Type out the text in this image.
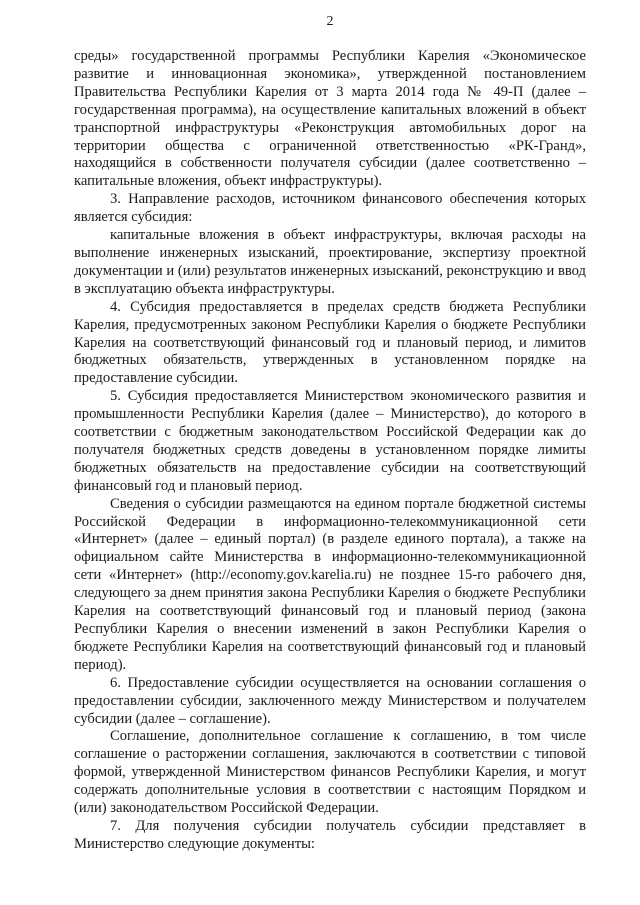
2

среды» государственной программы Республики Карелия «Экономическое развитие и инновационная экономика», утвержденной постановлением Правительства Республики Карелия от 3 марта 2014 года № 49-П (далее – государственная программа), на осуществление капитальных вложений в объект транспортной инфраструктуры «Реконструкция автомобильных дорог на территории общества с ограниченной ответственностью «РК-Гранд», находящийся в собственности получателя субсидии (далее соответственно – капитальные вложения, объект инфраструктуры).

3. Направление расходов, источником финансового обеспечения которых является субсидия:

капитальные вложения в объект инфраструктуры, включая расходы на выполнение инженерных изысканий, проектирование, экспертизу проектной документации и (или) результатов инженерных изысканий, реконструкцию и ввод в эксплуатацию объекта инфраструктуры.

4. Субсидия предоставляется в пределах средств бюджета Республики Карелия, предусмотренных законом Республики Карелия о бюджете Республики Карелия на соответствующий финансовый год и плановый период, и лимитов бюджетных обязательств, утвержденных в установленном порядке на предоставление субсидии.

5. Субсидия предоставляется Министерством экономического развития и промышленности Республики Карелия (далее – Министерство), до которого в соответствии с бюджетным законодательством Российской Федерации как до получателя бюджетных средств доведены в установленном порядке лимиты бюджетных обязательств на предоставление субсидии на соответствующий финансовый год и плановый период.

Сведения о субсидии размещаются на едином портале бюджетной системы Российской Федерации в информационно-телекоммуникационной сети «Интернет» (далее – единый портал) (в разделе единого портала), а также на официальном сайте Министерства в информационно-телекоммуникационной сети «Интернет» (http://economy.gov.karelia.ru) не позднее 15-го рабочего дня, следующего за днем принятия закона Республики Карелия о бюджете Республики Карелия на соответствующий финансовый год и плановый период (закона Республики Карелия о внесении изменений в закон Республики Карелия о бюджете Республики Карелия на соответствующий финансовый год и плановый период).

6. Предоставление субсидии осуществляется на основании соглашения о предоставлении субсидии, заключенного между Министерством и получателем субсидии (далее – соглашение).

Соглашение, дополнительное соглашение к соглашению, в том числе соглашение о расторжении соглашения, заключаются в соответствии с типовой формой, утвержденной Министерством финансов Республики Карелия, и могут содержать дополнительные условия в соответствии с настоящим Порядком и (или) законодательством Российской Федерации.

7. Для получения субсидии получатель субсидии представляет в Министерство следующие документы:
